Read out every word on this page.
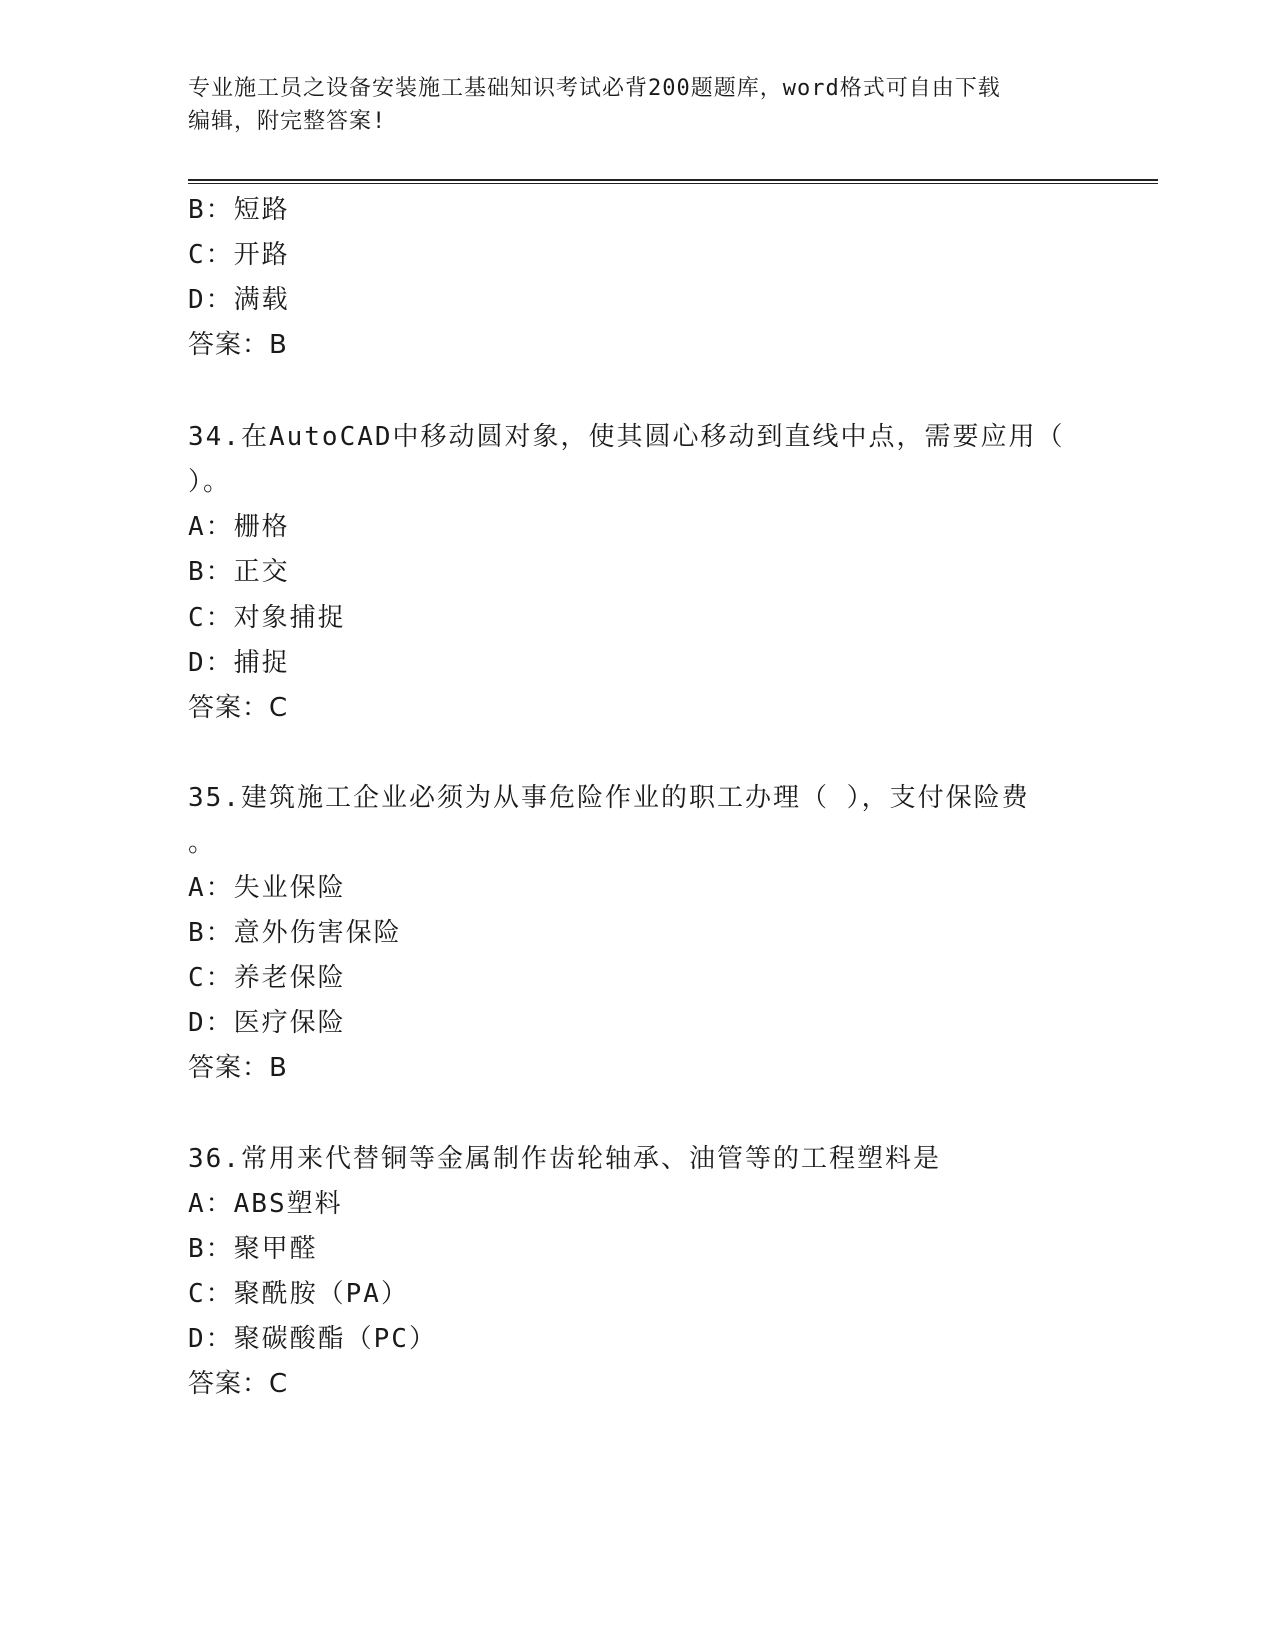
专业施工员之设备安装施工基础知识考试必背200题题库，word格式可自由下载
编辑，附完整答案!
B：短路
C：开路
D：满载
答案：B
34.在AutoCAD中移动圆对象，使其圆心移动到直线中点，需要应用（
）。
A：栅格
B：正交
C：对象捕捉
D：捕捉
答案：C
35.建筑施工企业必须为从事危险作业的职工办理（ ），支付保险费
。
A：失业保险
B：意外伤害保险
C：养老保险
D：医疗保险
答案：B
36.常用来代替铜等金属制作齿轮轴承、油管等的工程塑料是
A：ABS塑料
B：聚甲醛
C：聚酰胺（PA）
D：聚碳酸酯（PC）
答案：C
